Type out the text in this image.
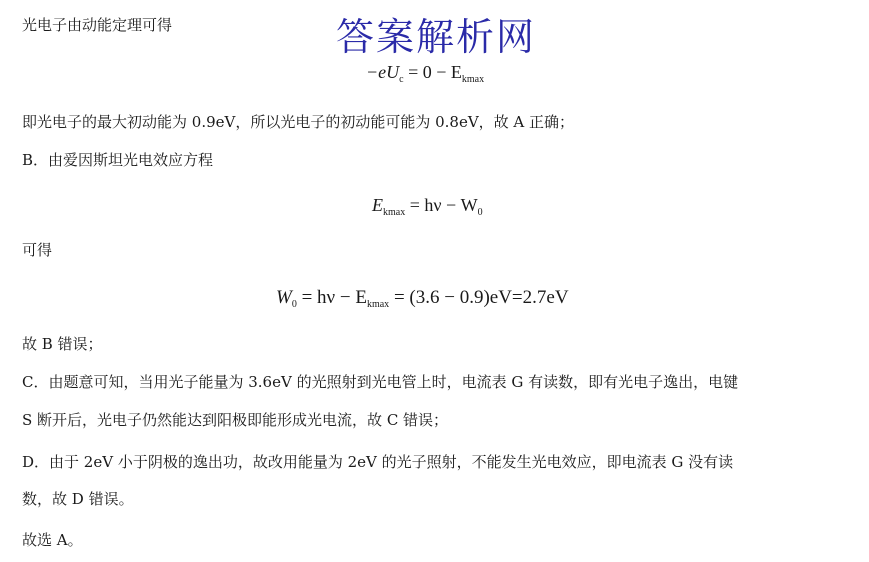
答案解析网
光电子由动能定理可得
$-eU_c = 0 - E_{kmax}$
即光电子的最大初动能为 0.9eV，所以光电子的初动能可能为 0.8eV，故 A 正确；
B．由爱因斯坦光电效应方程
$E_{kmax} = h\nu - W_0$
可得
$W_0 = h\nu - E_{kmax} = (3.6 - 0.9)eV=2.7eV$
故 B 错误；
C．由题意可知，当用光子能量为 3.6eV 的光照射到光电管上时，电流表 G 有读数，即有光电子逸出，电键
S 断开后，光电子仍然能达到阳极即能形成光电流，故 C 错误；
D．由于 2eV 小于阴极的逸出功，故改用能量为 2eV 的光子照射，不能发生光电效应，即电流表 G 没有读
数，故 D 错误。
故选 A。
